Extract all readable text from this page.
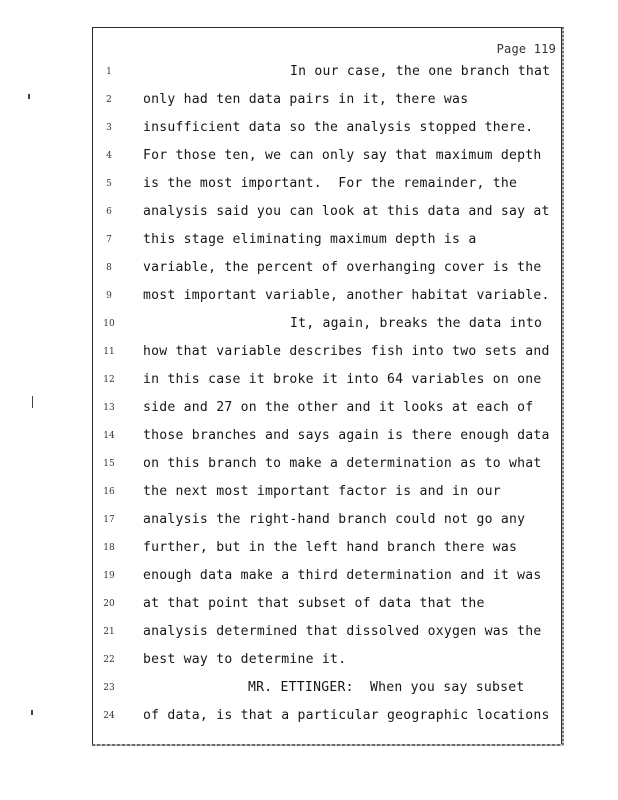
Page 119
1	In our case, the one branch that
2	only had ten data pairs in it, there was
3	insufficient data so the analysis stopped there.
4	For those ten, we can only say that maximum depth
5	is the most important.  For the remainder, the
6	analysis said you can look at this data and say at
7	this stage eliminating maximum depth is a
8	variable, the percent of overhanging cover is the
9	most important variable, another habitat variable.
10	It, again, breaks the data into
11	how that variable describes fish into two sets and
12	in this case it broke it into 64 variables on one
13	side and 27 on the other and it looks at each of
14	those branches and says again is there enough data
15	on this branch to make a determination as to what
16	the next most important factor is and in our
17	analysis the right-hand branch could not go any
18	further, but in the left hand branch there was
19	enough data make a third determination and it was
20	at that point that subset of data that the
21	analysis determined that dissolved oxygen was the
22	best way to determine it.
23	MR. ETTINGER:  When you say subset
24	of data, is that a particular geographic locations
